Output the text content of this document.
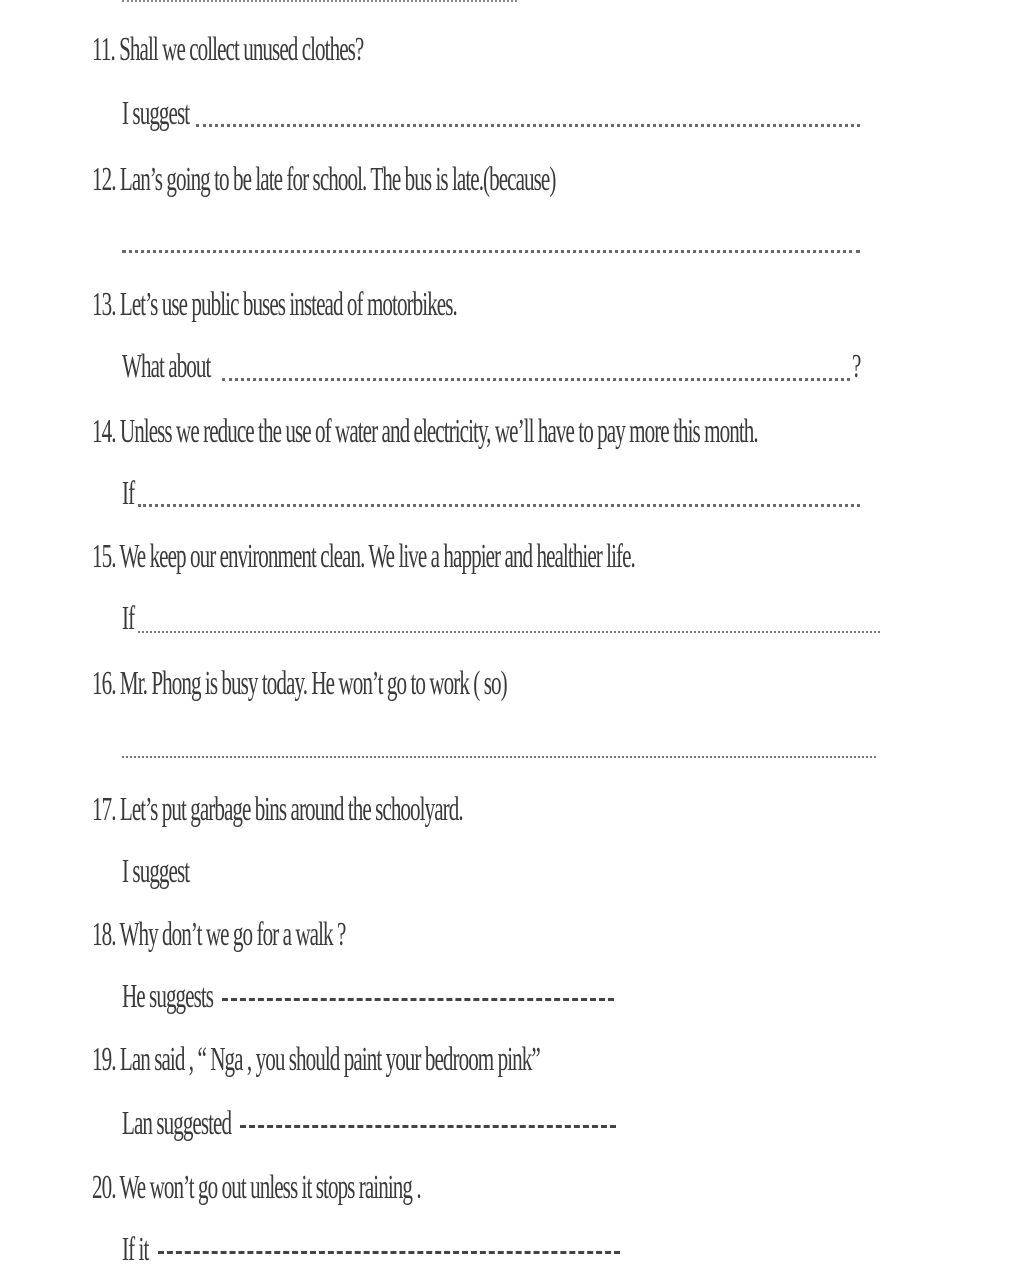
11. Shall we collect unused clothes?
I suggest
12. Lan’s going to be late for school. The bus is late.(because)
13. Let’s use public buses instead of motorbikes.
What about	?
14. Unless we reduce the use of water and electricity, we’ll have to pay more this month.
If
15. We keep our environment clean. We live a happier and healthier life.
If
16. Mr. Phong is busy today. He won’t go to work ( so)
17. Let’s put garbage bins around the schoolyard.
I suggest
18. Why don’t we go for a walk ?
He suggests
19. Lan said , “ Nga , you should paint your bedroom pink”
Lan suggested
20. We won’t go out unless it stops raining .
If it
